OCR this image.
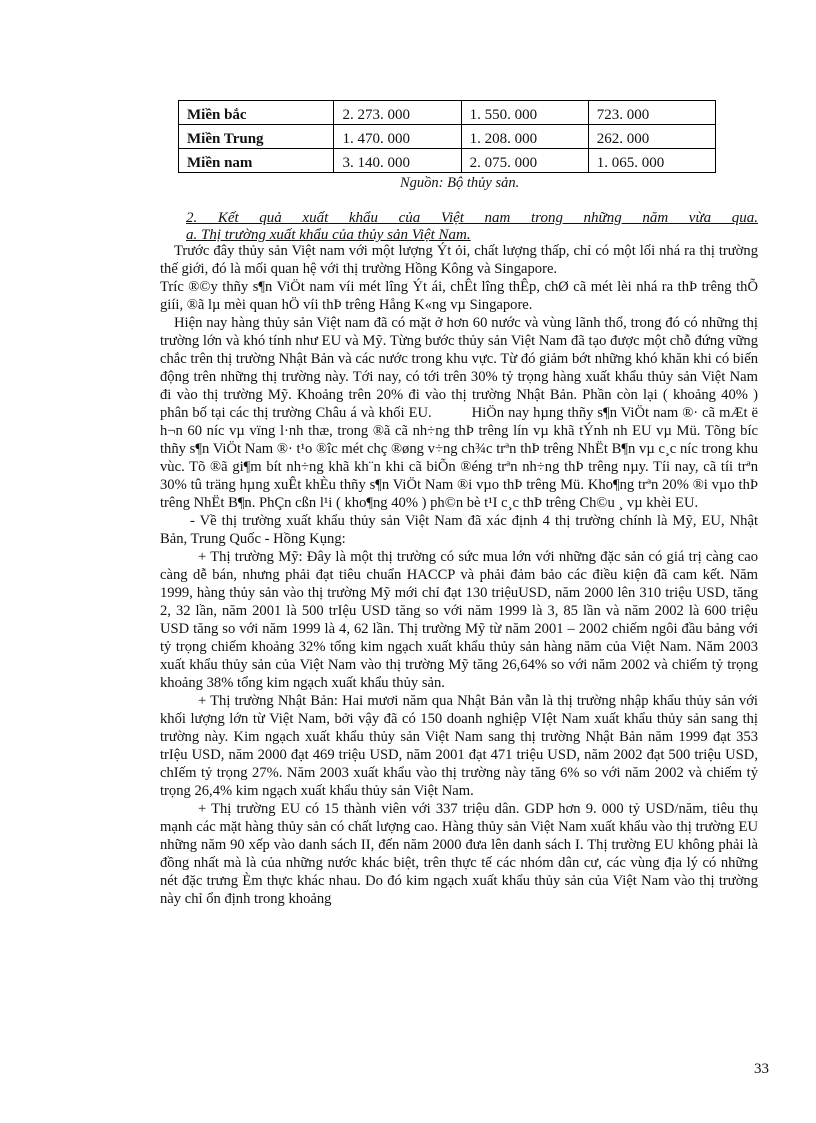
Miền bắc	2. 273. 000	1. 550. 000	723. 000
Miền Trung	1. 470. 000	1. 208. 000	262. 000
Miền nam	3. 140. 000	2. 075. 000	1. 065. 000
Nguồn: Bộ thủy sản.
2. Kết quả xuất khẩu của Việt nam trong những năm vừa qua.
a. Thị trường xuất khẩu của thủy sản Việt Nam.

Trước đây thủy sản Việt nam với một lượng Ýt ỏi, chất lượng thấp, chỉ có một lối nhá ra thị trường thế giới, đó là mối quan hệ với thị trường Hồng Kông và Singapore.

Tríc ®©y thñy s¶n ViÖt nam víi mét lîng Ýt ái, chÊt lîng thÊp, chØ cã mét lèi nhá ra thÞ trêng thÕ giíi, ®ã lµ mèi quan hÖ víi thÞ trêng Hång K«ng vµ Singapore.

Hiện nay hàng thủy sản Việt nam đã có mặt ở hơn 60 nước và vùng lãnh thổ, trong đó có những thị trường lớn và khó tính như EU và Mỹ. Từng bước thủy sản Việt Nam đã tạo được một chỗ đứng vững chắc trên thị trường Nhật Bản và các nước trong khu vực. Từ đó giảm bớt những khó khăn khi có biến động trên những thị trường này. Tới nay, có tới trên 30% tỷ trọng hàng xuất khẩu thủy sản Việt Nam đi vào thị trường Mỹ. Khoảng trên 20% đi vào thị trường Nhật Bản. Phần còn lại ( khoảng 40% ) phân bố tại các thị trường Châu á và khối EU.	HiÖn nay hµng thñy s¶n ViÖt nam ®· cã mÆt ë h¬n 60 níc vµ vïng l·nh thæ, trong ®ã cã nh÷ng thÞ trêng lín vµ khã tÝnh nh EU vµ Mü. Tõng bíc thñy s¶n ViÖt Nam ®· t¹o ®îc mét chç ®øng v÷ng ch¾c trªn thÞ trêng NhËt B¶n vµ c¸c níc trong khu vùc. Tõ ®ã gi¶m bít nh÷ng khã kh¨n khi cã biÕn ®éng trªn nh÷ng thÞ trêng nµy. Tíi nay, cã tíi trªn 30% tû träng hµng xuÊt khÈu thñy s¶n ViÖt Nam ®i vµo thÞ trêng Mü. Kho¶ng trªn 20% ®i vµo thÞ trêng NhËt B¶n. PhÇn cßn l¹i ( kho¶ng 40% ) ph©n bè t¹I c¸c thÞ trêng Ch©u ¸ vµ khèi EU.

- Về thị trường xuất khẩu thủy sản Việt Nam đã xác định 4 thị trường chính là Mỹ, EU, Nhật Bản, Trung Quốc - Hồng Kụng:

+ Thị trường Mỹ: Đây là một thị trường có sức mua lớn với những đặc sản có giá trị càng cao càng dễ bán, nhưng phải đạt tiêu chuẩn HACCP và phải đảm bảo các điều kiện đã cam kết. Năm 1999, hàng thủy sản vào thị trường Mỹ mới chỉ đạt 130 triệuUSD, năm 2000 lên 310 triệu USD, tăng 2, 32 lần, năm 2001 là 500 trIệu USD tăng so với năm 1999 là 3, 85 lần và năm 2002 là 600 triệu USD tăng so với năm 1999 là 4, 62 lần. Thị trường Mỹ từ năm 2001 – 2002 chiếm ngôi đầu bảng với tỷ trọng chiếm khoảng 32% tổng kim ngạch xuất khẩu thủy sản hàng năm của Việt Nam. Năm 2003 xuất khẩu thủy sản của Việt Nam vào thị trường Mỹ tăng 26,64% so với năm 2002 và chiếm tỷ trọng khoảng 38% tổng kim ngạch xuất khẩu thủy sản.

+ Thị trường Nhật Bản: Hai mươi năm qua Nhật Bản vẫn là thị trường nhập khẩu thủy sản với khối lượng lớn từ Việt Nam, bởi vậy đã có 150 doanh nghiệp VIệt Nam xuất khẩu thủy sản sang thị trường này. Kim ngạch xuất khẩu thủy sản Việt Nam sang thị trường Nhật Bản năm 1999 đạt 353 trIệu USD, năm 2000 đạt 469 triệu USD, năm 2001 đạt 471 triệu USD, năm 2002 đạt 500 triệu USD, chIếm tỷ trọng 27%. Năm 2003 xuất khẩu vào thị trường này tăng 6% so với năm 2002 và chiếm tỷ trọng 26,4% kim ngạch xuất khẩu thủy sản Việt Nam.

+ Thị trường EU có 15 thành viên với 337 triệu dân. GDP hơn 9. 000 tỷ USD/năm, tiêu thụ mạnh các mặt hàng thủy sản có chất lượng cao. Hàng thủy sản Việt Nam xuất khẩu vào thị trường EU những năm 90 xếp vào danh sách II, đến năm 2000 đưa lên danh sách I. Thị trường EU không phải là đồng nhất mà là của những nước khác biệt, trên thực tế các nhóm dân cư, các vùng địa lý có những nét đặc trưng Èm thực khác nhau. Do đó kim ngạch xuất khẩu thủy sản của Việt Nam vào thị trường này chỉ ổn định trong khoảng

33
